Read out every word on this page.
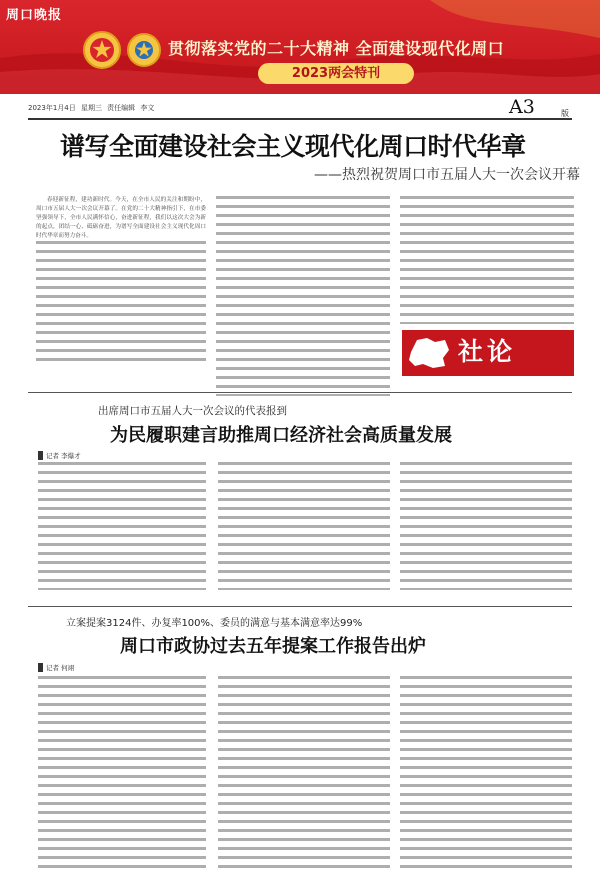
周口晚报
贯彻落实党的二十大精神 全面建设现代化周口
2023两会特刊
2023年1月4日 星期三 责任编辑 李文	A3	版
谱写全面建设社会主义现代化周口时代华章
——热烈祝贺周口市五届人大一次会议开幕

春迎新征程，建功新时代。今天，在全市人民的关注和期盼中，周口市五届人大一次会议开幕了。在党的二十大精神指引下，在市委坚强领导下，全市人民满怀信心，奋进新征程，我们以这次大会为新的起点，团结一心、砥砺奋进，为谱写全面建设社会主义现代化周口时代华章而努力奋斗。

社论
出席周口市五届人大一次会议的代表报到
为民履职建言助推周口经济社会高质量发展
记者 李爆才
立案提案3124件、办复率100%、委员的满意与基本满意率达99%
周口市政协过去五年提案工作报告出炉
记者 何翊
